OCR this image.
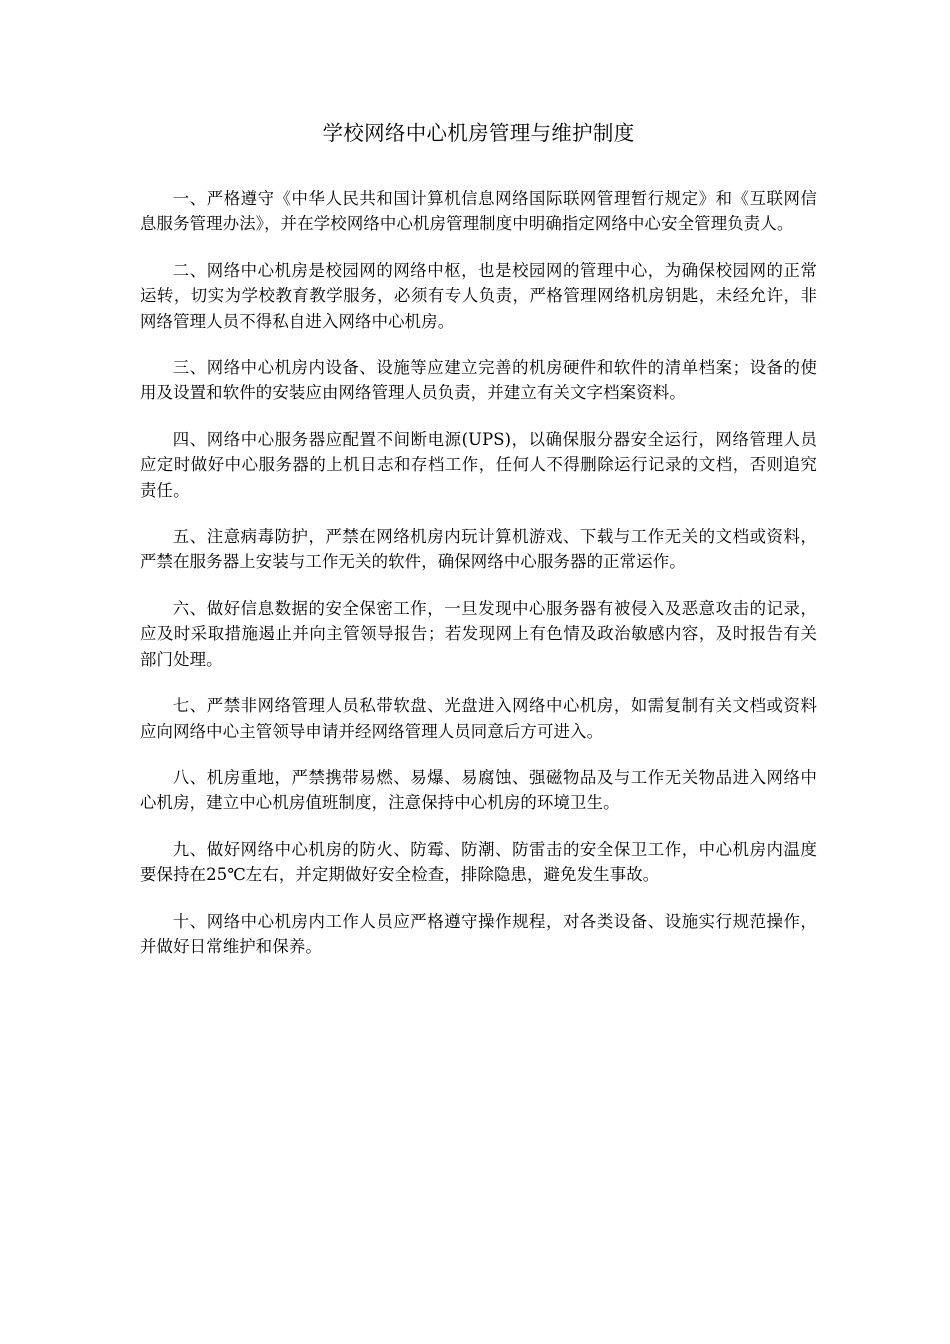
学校网络中心机房管理与维护制度

一、严格遵守《中华人民共和国计算机信息网络国际联网管理暂行规定》和《互联网信息服务管理办法》，并在学校网络中心机房管理制度中明确指定网络中心安全管理负责人。

二、网络中心机房是校园网的网络中枢，也是校园网的管理中心，为确保校园网的正常运转，切实为学校教育教学服务，必须有专人负责，严格管理网络机房钥匙，未经允许，非网络管理人员不得私自进入网络中心机房。

三、网络中心机房内设备、设施等应建立完善的机房硬件和软件的清单档案；设备的使用及设置和软件的安装应由网络管理人员负责，并建立有关文字档案资料。

四、网络中心服务器应配置不间断电源(UPS)，以确保服分器安全运行，网络管理人员应定时做好中心服务器的上机日志和存档工作，任何人不得删除运行记录的文档，否则追究责任。

五、注意病毒防护，严禁在网络机房内玩计算机游戏、下载与工作无关的文档或资料，严禁在服务器上安装与工作无关的软件，确保网络中心服务器的正常运作。

六、做好信息数据的安全保密工作，一旦发现中心服务器有被侵入及恶意攻击的记录，应及时采取措施遏止并向主管领导报告；若发现网上有色情及政治敏感内容，及时报告有关部门处理。

七、严禁非网络管理人员私带软盘、光盘进入网络中心机房，如需复制有关文档或资料应向网络中心主管领导申请并经网络管理人员同意后方可进入。

八、机房重地，严禁携带易燃、易爆、易腐蚀、强磁物品及与工作无关物品进入网络中心机房，建立中心机房值班制度，注意保持中心机房的环境卫生。

九、做好网络中心机房的防火、防霉、防潮、防雷击的安全保卫工作，中心机房内温度要保持在25℃左右，并定期做好安全检查，排除隐患，避免发生事故。

十、网络中心机房内工作人员应严格遵守操作规程，对各类设备、设施实行规范操作，并做好日常维护和保养。
